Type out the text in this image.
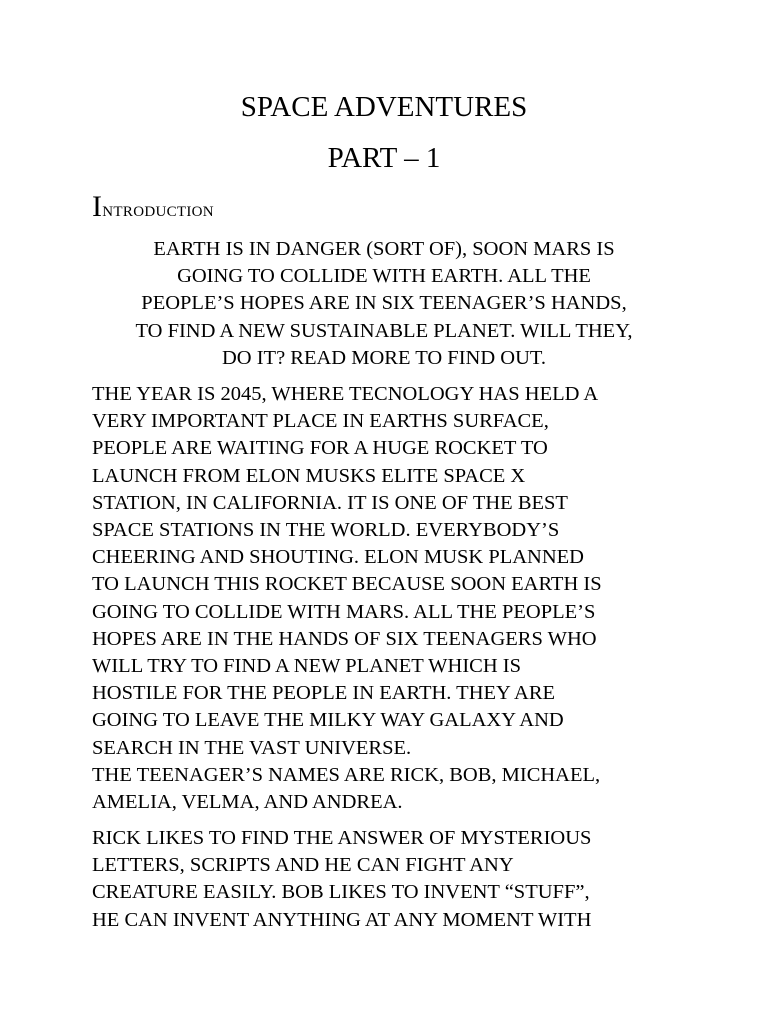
SPACE ADVENTURES
PART – 1
Introduction

EARTH IS IN DANGER (SORT OF), SOON MARS IS
GOING TO COLLIDE WITH EARTH. ALL THE
PEOPLE’S HOPES ARE IN SIX TEENAGER’S HANDS,
TO FIND A NEW SUSTAINABLE PLANET. WILL THEY,
DO IT? READ MORE TO FIND OUT.

THE YEAR IS 2045, WHERE TECNOLOGY HAS HELD A
VERY IMPORTANT PLACE IN EARTHS SURFACE,
PEOPLE ARE WAITING FOR A HUGE ROCKET TO
LAUNCH FROM ELON MUSKS ELITE SPACE X
STATION, IN CALIFORNIA. IT IS ONE OF THE BEST
SPACE STATIONS IN THE WORLD. EVERYBODY’S
CHEERING AND SHOUTING. ELON MUSK PLANNED
TO LAUNCH THIS ROCKET BECAUSE SOON EARTH IS
GOING TO COLLIDE WITH MARS. ALL THE PEOPLE’S
HOPES ARE IN THE HANDS OF SIX TEENAGERS WHO
WILL TRY TO FIND A NEW PLANET WHICH IS
HOSTILE FOR THE PEOPLE IN EARTH. THEY ARE
GOING TO LEAVE THE MILKY WAY GALAXY AND
SEARCH IN THE VAST UNIVERSE.
THE TEENAGER’S NAMES ARE RICK, BOB, MICHAEL,
AMELIA, VELMA, AND ANDREA.

RICK LIKES TO FIND THE ANSWER OF MYSTERIOUS
LETTERS, SCRIPTS AND HE CAN FIGHT ANY
CREATURE EASILY. BOB LIKES TO INVENT “STUFF”,
HE CAN INVENT ANYTHING AT ANY MOMENT WITH
